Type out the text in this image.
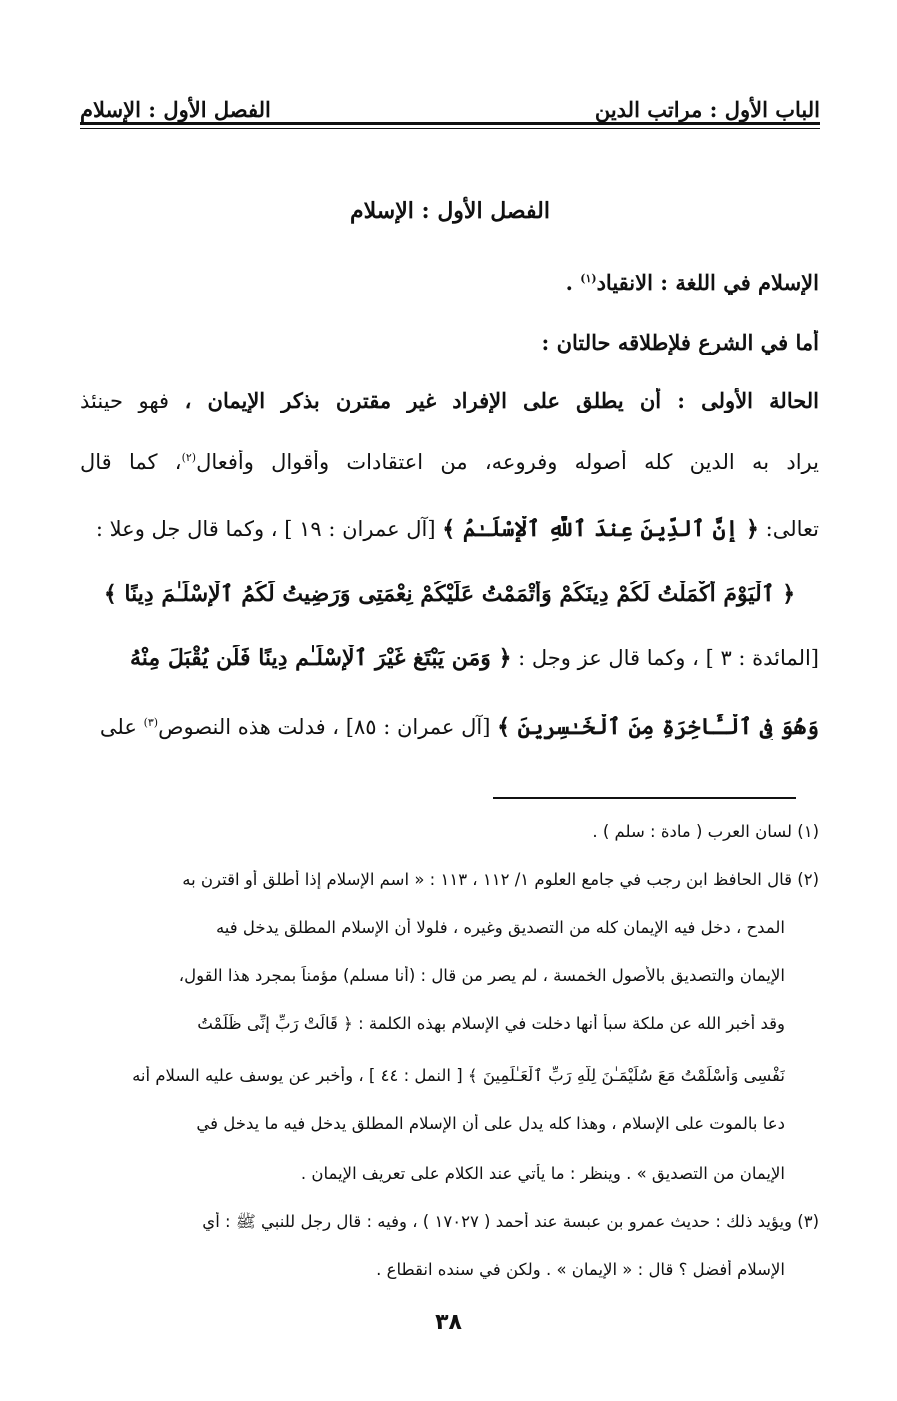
الباب الأول : مراتب الدين
الفصل الأول : الإسلام
الفصل الأول : الإسلام
الإسلام في اللغة : الانقياد$^{(١)}$ .
أما في الشرع فلإطلاقه حالتان :
الحالة الأولى : أن يطلق على الإفراد غير مقترن بذكر الإيمان ، فهو حينئذ
يراد به الدين كله أصوله وفروعه، من اعتقادات وأقوال وأفعال$^{(٢)}$، كما قال
تعالى: ﴿ إِنَّ ٱلدِّينَ عِندَ ٱللَّهِ ٱلْإِسْلَـٰمُ ﴾ [آل عمران : ١٩ ] ، وكما قال جل وعلا :
﴿ ٱلْيَوْمَ أَكْمَلْتُ لَكُمْ دِينَكُمْ وَأَتْمَمْتُ عَلَيْكُمْ نِعْمَتِى وَرَضِيتُ لَكُمُ ٱلْإِسْلَـٰمَ دِينًا ﴾
[المائدة : ٣ ] ، وكما قال عز وجل : ﴿ وَمَن يَبْتَغِ غَيْرَ ٱلْإِسْلَـٰمِ دِينًا فَلَن يُقْبَلَ مِنْهُ
وَهُوَ فِى ٱلْـَٔاخِرَةِ مِنَ ٱلْخَـٰسِرِينَ ﴾ [آل عمران : ٨٥] ، فدلت هذه النصوص$^{(٣)}$ على
(١) لسان العرب ( مادة : سلم ) .
(٢) قال الحافظ ابن رجب في جامع العلوم ١/ ١١٢ ، ١١٣ : « اسم الإسلام إذا أطلق أو اقترن به
المدح ، دخل فيه الإيمان كله من التصديق وغيره ، فلولا أن الإسلام المطلق يدخل فيه
الإيمان والتصديق بالأصول الخمسة ، لم يصر من قال : (أنا مسلم) مؤمناً بمجرد هذا القول،
وقد أخبر الله عن ملكة سبأ أنها دخلت في الإسلام بهذه الكلمة : ﴿ قَالَتْ رَبِّ إِنِّى ظَلَمْتُ
نَفْسِى وَأَسْلَمْتُ مَعَ سُلَيْمَـٰنَ لِلَّهِ رَبِّ ٱلْعَـٰلَمِينَ ﴾ [ النمل : ٤٤ ] ، وأخبر عن يوسف عليه السلام أنه
دعا بالموت على الإسلام ، وهذا كله يدل على أن الإسلام المطلق يدخل فيه ما يدخل في
الإيمان من التصديق » . وينظر : ما يأتي عند الكلام على تعريف الإيمان .
(٣) ويؤيد ذلك : حديث عمرو بن عبسة عند أحمد ( ١٧٠٢٧ ) ، وفيه : قال رجل للنبي ﷺ : أي
الإسلام أفضل ؟ قال : « الإيمان » . ولكن في سنده انقطاع .
٣٨
